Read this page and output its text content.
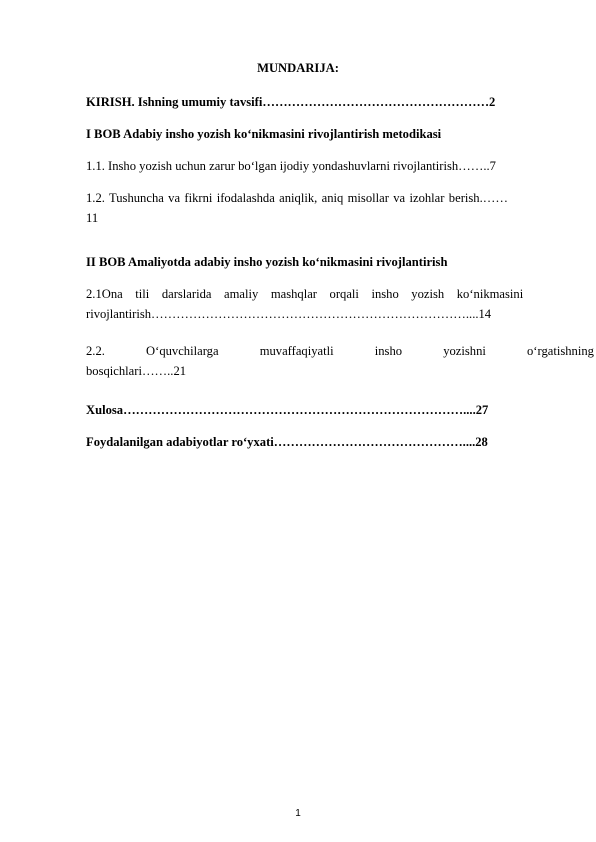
MUNDARIJA:
KIRISH. Ishning umumiy tavsifi………………………………………………2
I BOB Adabiy insho yozish ko‘nikmasini rivojlantirish metodikasi
1.1. Insho yozish uchun zarur bo‘lgan ijodiy yondashuvlarni rivojlantirish……..7
1.2. Tushuncha va fikrni ifodalashda aniqlik, aniq misollar va izohlar berish.……
11
II BOB Amaliyotda adabiy insho yozish ko‘nikmasini rivojlantirish
2.1Ona tili darslarida amaliy mashqlar orqali insho yozish ko‘nikmasini
rivojlantirish…………………………………………………………………....14
2.2. O‘quvchilarga muvaffaqiyatli insho yozishni o‘rgatishning
bosqichlari……..21
Xulosa………………………………………………………………………....27
Foydalanilgan adabiyotlar ro‘yxati………………………………………....28
1
